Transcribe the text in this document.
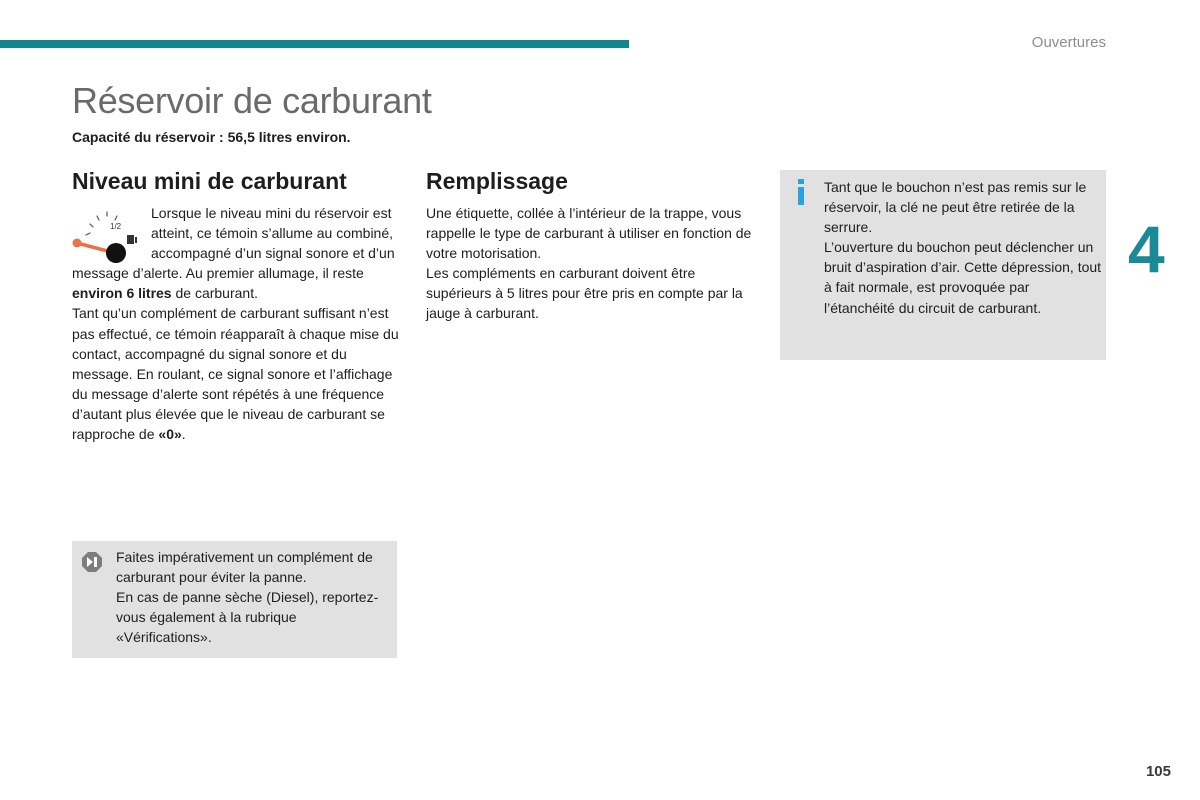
Ouvertures
4
Réservoir de carburant
Capacité du réservoir : 56,5 litres environ.
Niveau mini de carburant
1/2
Lorsque le niveau mini du réservoir est atteint, ce témoin s’allume au combiné, accompagné d’un signal sonore et d’un message d’alerte. Au premier allumage, il reste environ 6 litres de carburant.
Tant qu’un complément de carburant suffisant n’est pas effectué, ce témoin réapparaît à chaque mise du contact, accompagné du signal sonore et du message. En roulant, ce signal sonore et l’affichage du message d’alerte sont répétés à une fréquence d’autant plus élevée que le niveau de carburant se rapproche de «0».
Faites impérativement un complément de carburant pour éviter la panne.
En cas de panne sèche (Diesel), reportez-vous également à la rubrique «Vérifications».
Remplissage
Une étiquette, collée à l’intérieur de la trappe, vous rappelle le type de carburant à utiliser en fonction de votre motorisation.
Les compléments en carburant doivent être supérieurs à 5 litres pour être pris en compte par la jauge à carburant.
Tant que le bouchon n’est pas remis sur le réservoir, la clé ne peut être retirée de la serrure.
L’ouverture du bouchon peut déclencher un bruit d’aspiration d’air. Cette dépression, tout à fait normale, est provoquée par l’étanchéité du circuit de carburant.
105
